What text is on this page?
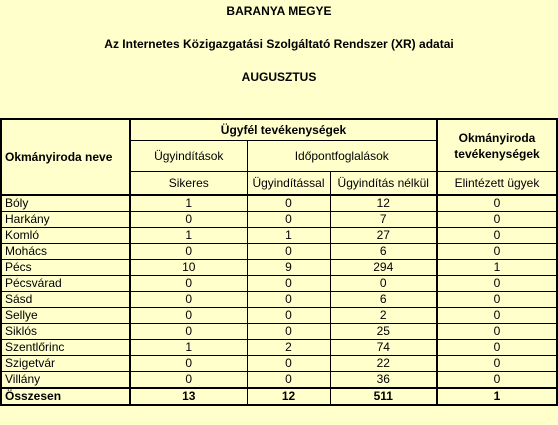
BARANYA MEGYE
Az Internetes Közigazgatási Szolgáltató Rendszer (XR) adatai
AUGUSZTUS
Okmányiroda neve	Ügyfél tevékenységek			Okmányiroda tevékenységek
	Ügyindítások	Időpontfoglalások		
	Sikeres	Ügyindítással	Ügyindítás nélkül	Elintézett ügyek
Bóly	1	0	12	0
Harkány	0	0	7	0
Komló	1	1	27	0
Mohács	0	0	6	0
Pécs	10	9	294	1
Pécsvárad	0	0	0	0
Sásd	0	0	6	0
Sellye	0	0	2	0
Siklós	0	0	25	0
Szentlőrinc	1	2	74	0
Szigetvár	0	0	22	0
Villány	0	0	36	0
Összesen	13	12	511	1
